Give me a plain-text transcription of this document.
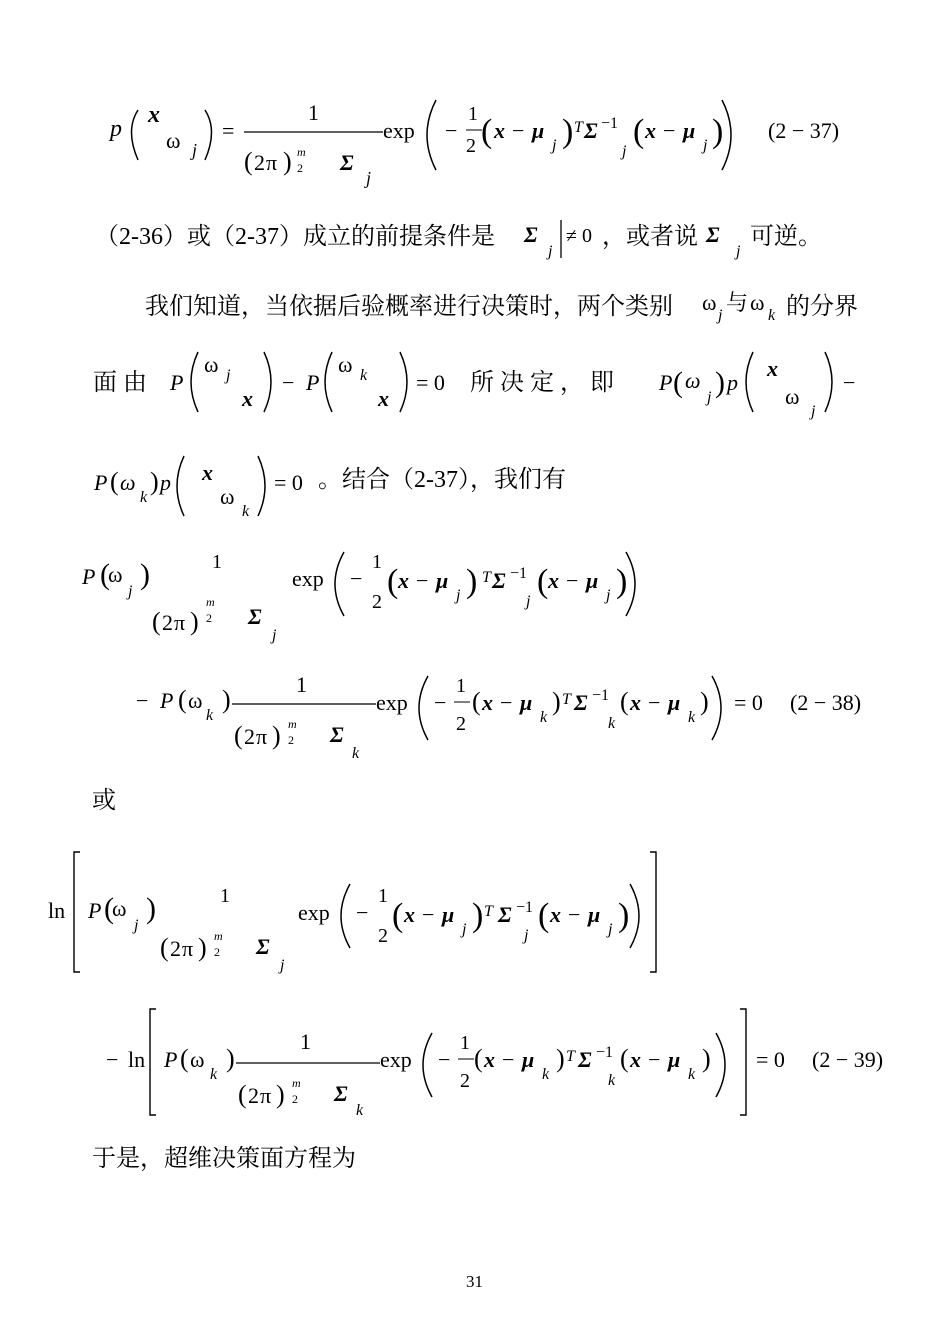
p
x
ω j
=
1
( 2 π ) m
2 Σ
j
exp −
1
2 ( x − μ
j ) T Σ −1
j
( x − μ
j ) (2 − 37)
（2-36）或（2-37）成立的前提条件是 Σ
j
≠ 0 ，或者说 Σ
j
可逆。
我们知道，当依据后验概率进行决策时，两个类别 ω
j
与 ω
k 的分界
面 由 P
ω j
x
− P
ω k
x
= 0 所 决 定 ， 即 P ( ω
j ) p
x
ω
j
−
P ( ω
k
) p x
ω
k
= 0 。结合（2-37），我们有
P (
ω
j
)	1
( 2 π )
m
2 Σ
j
exp −
1
2
( x − μ
j ) T Σ −1
j
( x − μ
j )
− P ( ω
k
)
1
( 2 π ) m
2 Σ
k
exp −
1
2
( x − μ
k
) T Σ −1
k
( x − μ
k
) = 0 (2 − 38)
或
ln P (
ω
j
)	1
( 2 π ) m
2 Σ
j
exp −
1
2
( x − μ
j ) T Σ −1
j
( x − μ
j )
− ln P ( ω
k
)
1
( 2 π ) m
2 Σ
k
exp −
1
2
( x − μ
k
) T Σ −1
k
( x − μ
k
) = 0 (2 − 39)
于是，超维决策面方程为
31
